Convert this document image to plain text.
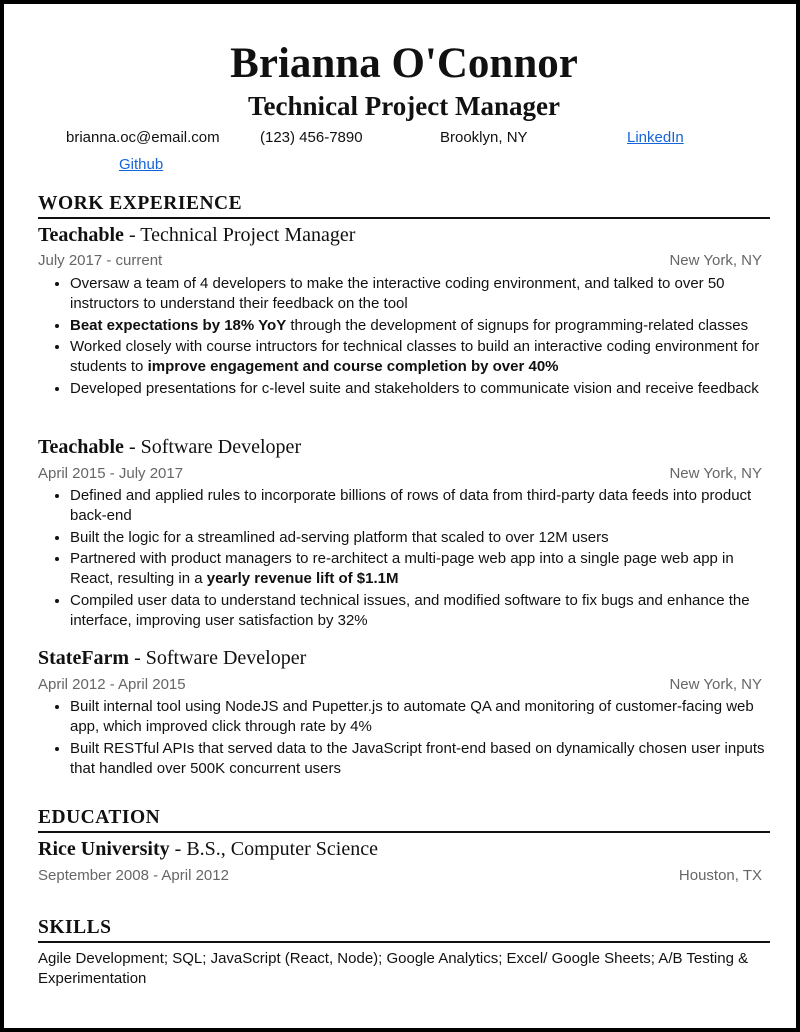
Brianna O'Connor
Technical Project Manager
brianna.oc@email.com	(123) 456-7890	Brooklyn, NY	LinkedIn
Github
WORK EXPERIENCE
Teachable - Technical Project Manager
July 2017 - current	New York, NY
• Oversaw a team of 4 developers to make the interactive coding environment, and talked to over 50 instructors to understand their feedback on the tool
• Beat expectations by 18% YoY through the development of signups for programming-related classes
• Worked closely with course intructors for technical classes to build an interactive coding environment for students to improve engagement and course completion by over 40%
• Developed presentations for c-level suite and stakeholders to communicate vision and receive feedback
Teachable - Software Developer
April 2015 - July 2017	New York, NY
• Defined and applied rules to incorporate billions of rows of data from third-party data feeds into product back-end
• Built the logic for a streamlined ad-serving platform that scaled to over 12M users
• Partnered with product managers to re-architect a multi-page web app into a single page web app in React, resulting in a yearly revenue lift of $1.1M
• Compiled user data to understand technical issues, and modified software to fix bugs and enhance the interface, improving user satisfaction by 32%
StateFarm - Software Developer
April 2012 - April 2015	New York, NY
• Built internal tool using NodeJS and Pupetter.js to automate QA and monitoring of customer-facing web app, which improved click through rate by 4%
• Built RESTful APIs that served data to the JavaScript front-end based on dynamically chosen user inputs that handled over 500K concurrent users
EDUCATION
Rice University - B.S., Computer Science
September 2008 - April 2012	Houston, TX
SKILLS

Agile Development; SQL; JavaScript (React, Node); Google Analytics; Excel/ Google Sheets; A/B Testing & Experimentation
